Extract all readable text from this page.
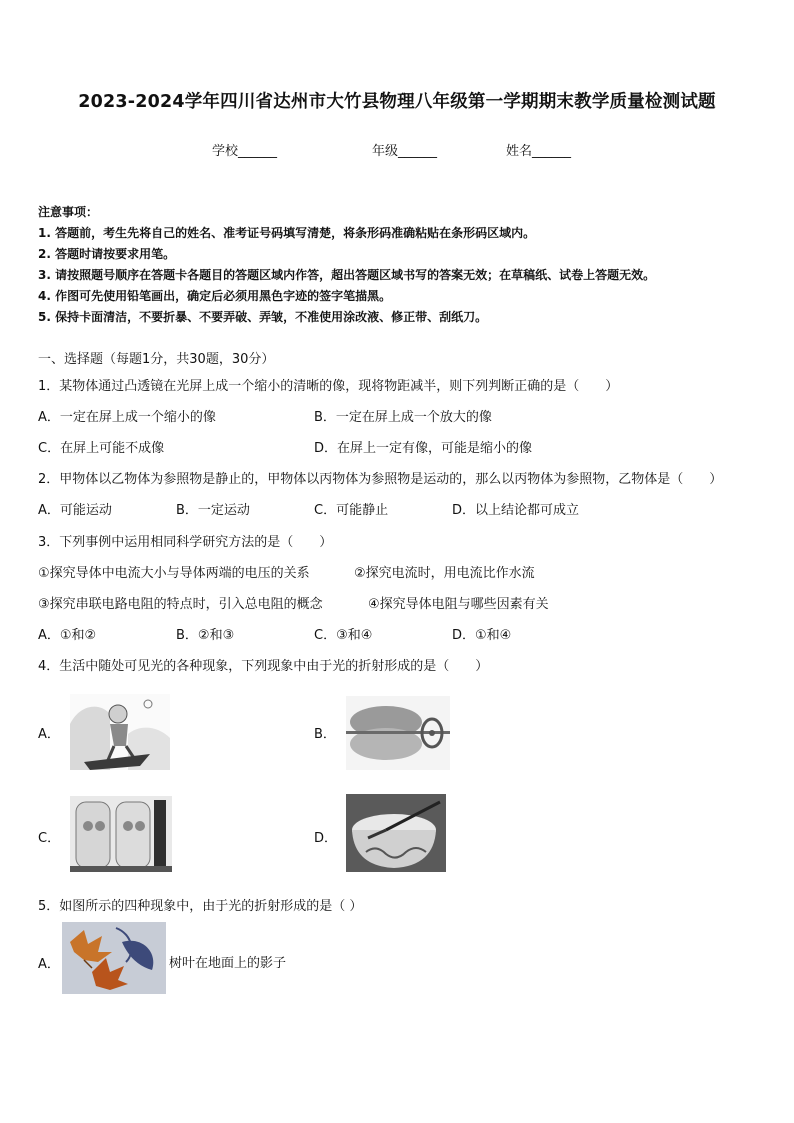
2023-2024学年四川省达州市大竹县物理八年级第一学期期末教学质量检测试题
学校______	年级______	姓名______
注意事项：
1. 答题前，考生先将自己的姓名、准考证号码填写清楚，将条形码准确粘贴在条形码区域内。
2. 答题时请按要求用笔。
3. 请按照题号顺序在答题卡各题目的答题区域内作答，超出答题区域书写的答案无效；在草稿纸、试卷上答题无效。
4. 作图可先使用铅笔画出，确定后必须用黑色字迹的签字笔描黑。
5. 保持卡面清洁，不要折暴、不要弄破、弄皱，不准使用涂改液、修正带、刮纸刀。
一、选择题（每题1分，共30题，30分）
1．某物体通过凸透镜在光屏上成一个缩小的清晰的像，现将物距减半，则下列判断正确的是（　　）
A．一定在屏上成一个缩小的像	B．一定在屏上成一个放大的像
C．在屏上可能不成像	D．在屏上一定有像，可能是缩小的像
2．甲物体以乙物体为参照物是静止的，甲物体以丙物体为参照物是运动的，那么以丙物体为参照物，乙物体是（　　）
A．可能运动	B．一定运动	C．可能静止	D．以上结论都可成立
3．下列事例中运用相同科学研究方法的是（　　）
①探究导体中电流大小与导体两端的电压的关系	②探究电流时，用电流比作水流
③探究串联电路电阻的特点时，引入总电阻的概念	④探究导体电阻与哪些因素有关
A．①和②	B．②和③	C．③和④	D．①和④
4．生活中随处可见光的各种现象，下列现象中由于光的折射形成的是（　　）
A．	B．
C．	D．
5．如图所示的四种现象中，由于光的折射形成的是（ ）
A．	树叶在地面上的影子
